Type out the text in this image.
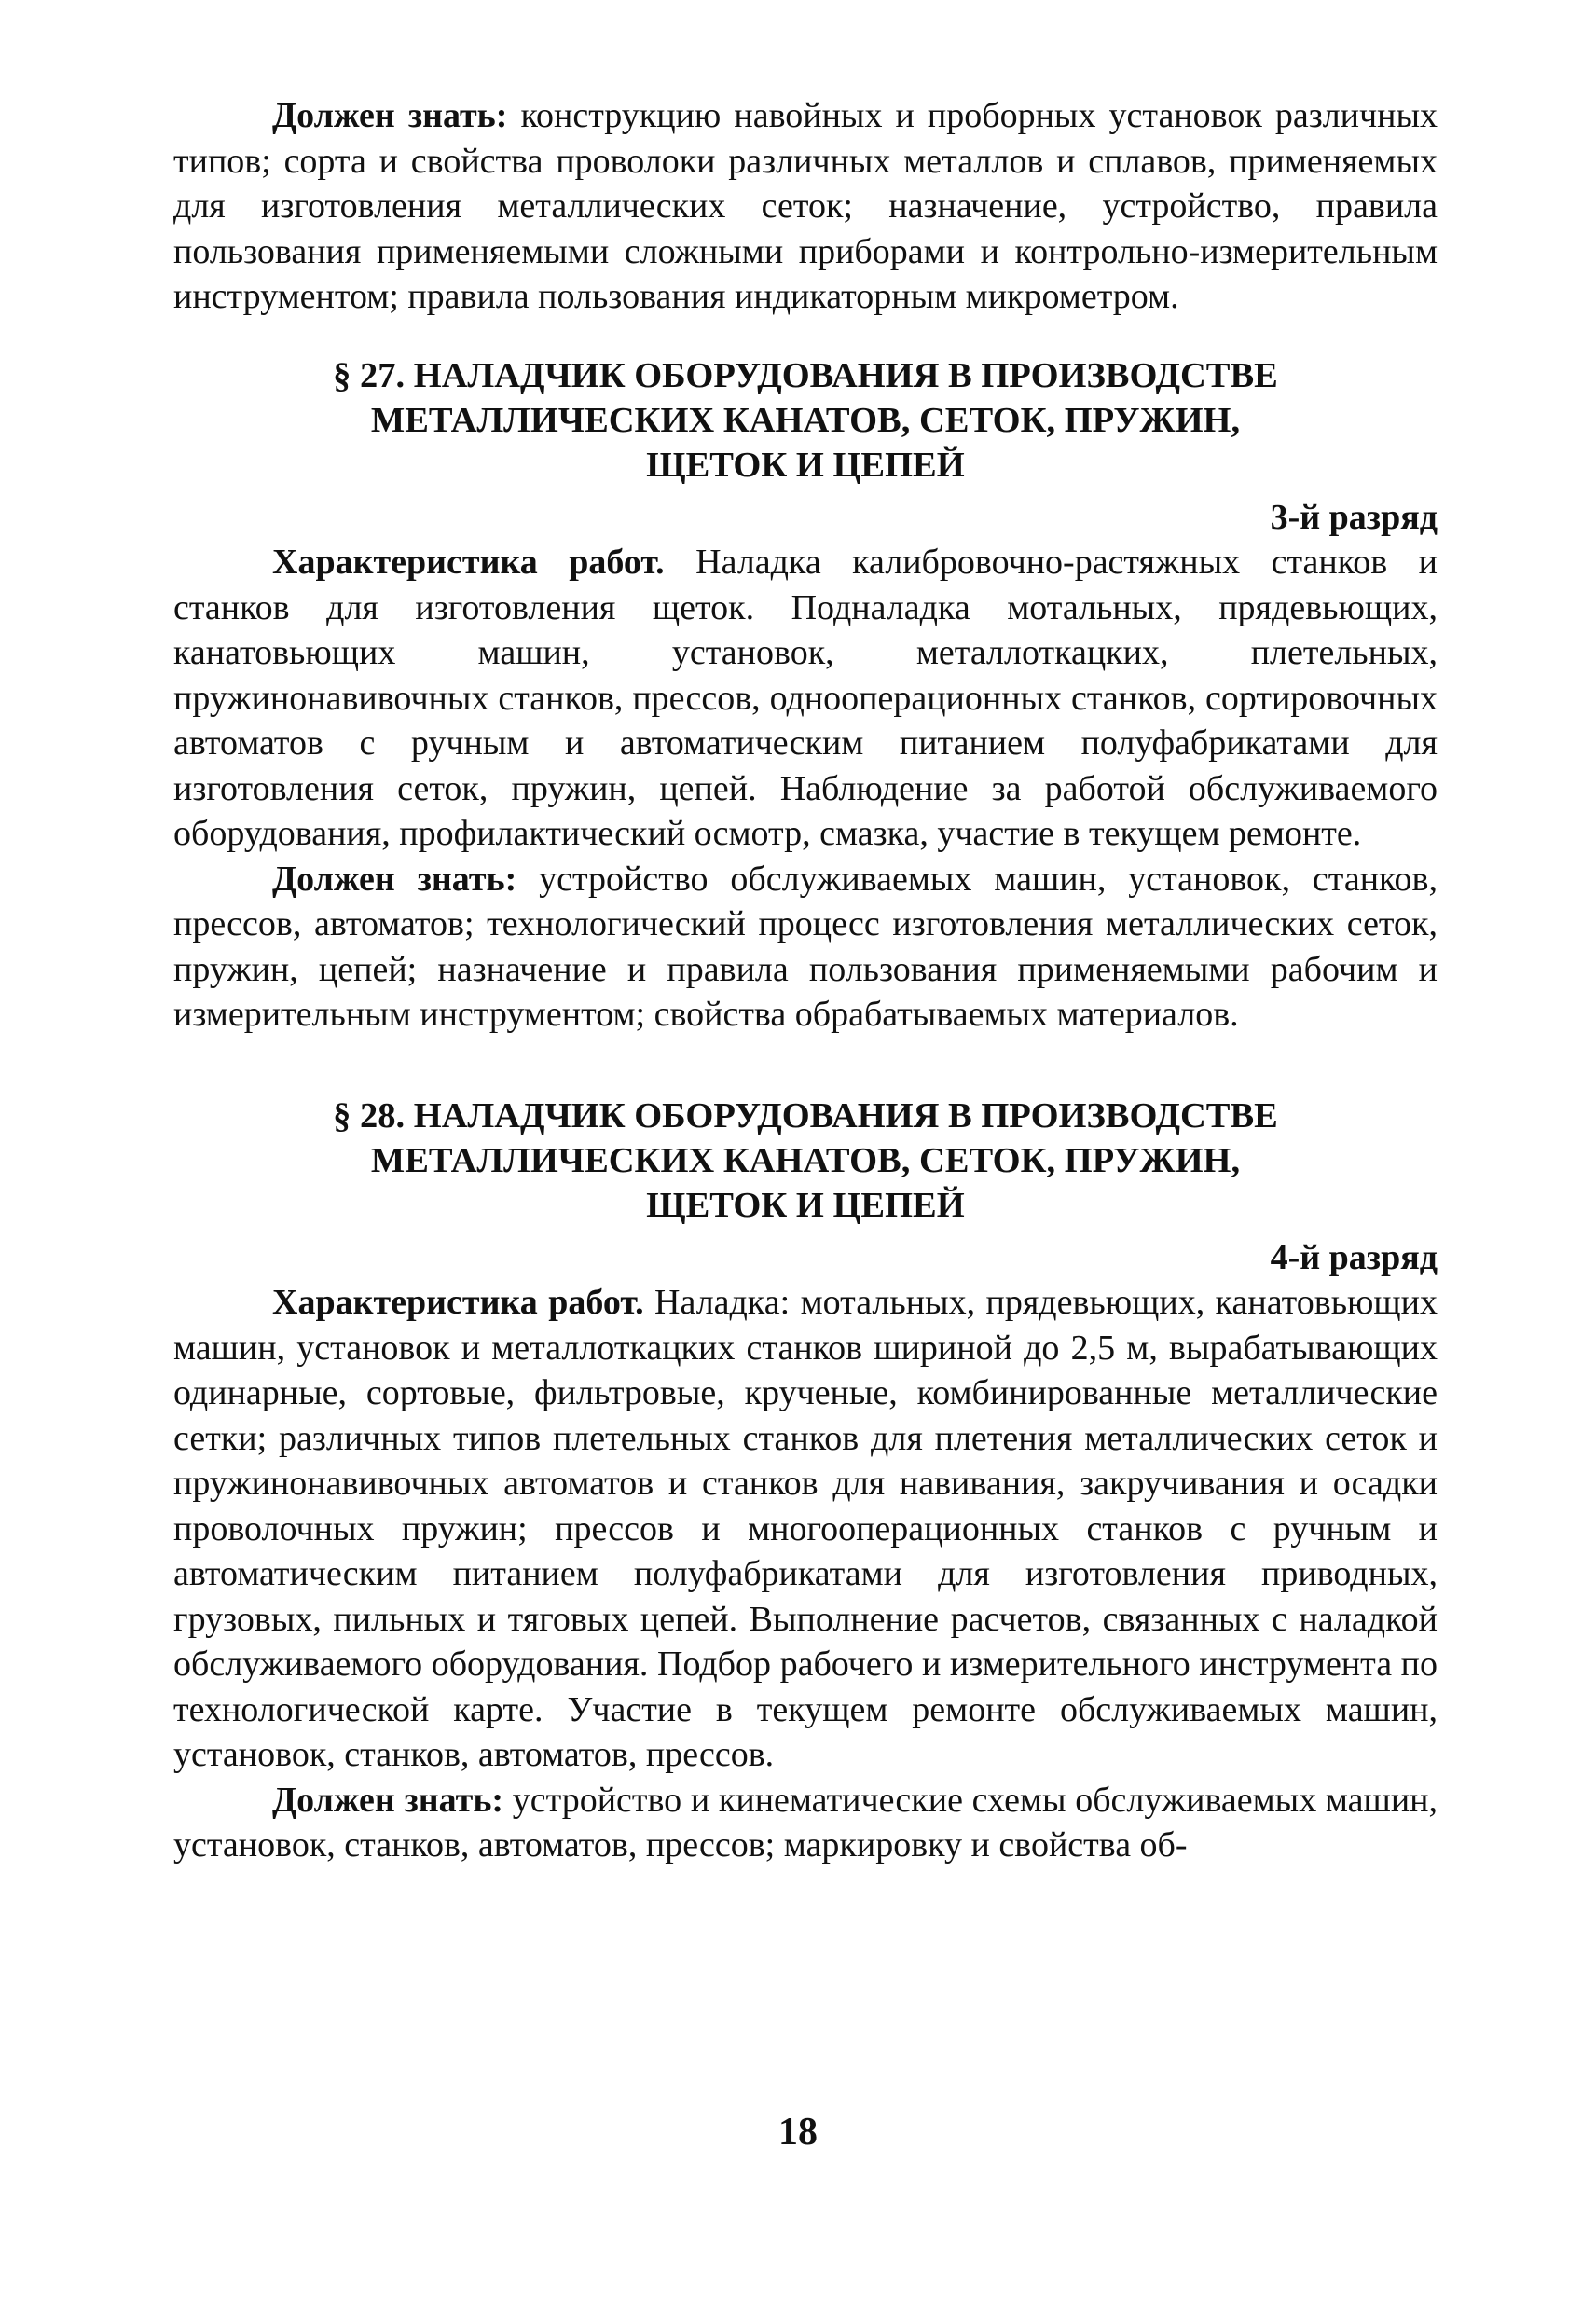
Должен знать: конструкцию навойных и проборных установок различных типов; сорта и свойства проволоки различных металлов и сплавов, применяемых для изготовления металлических сеток; назначение, устройство, правила пользования применяемыми сложными приборами и контрольно-измерительным инструментом; правила пользования индикаторным микрометром.

§ 27. НАЛАДЧИК ОБОРУДОВАНИЯ В ПРОИЗВОДСТВЕ
МЕТАЛЛИЧЕСКИХ КАНАТОВ, СЕТОК, ПРУЖИН,
ЩЕТОК И ЦЕПЕЙ
3-й разряд

Характеристика работ. Наладка калибровочно-растяжных станков и станков для изготовления щеток. Подналадка мотальных, прядевьющих, канатовьющих машин, установок, металлоткацких, плетельных, пружинонавивочных станков, прессов, однооперационных станков, сортировочных автоматов с ручным и автоматическим питанием полуфабрикатами для изготовления сеток, пружин, цепей. Наблюдение за работой обслуживаемого оборудования, профилактический осмотр, смазка, участие в текущем ремонте.

Должен знать: устройство обслуживаемых машин, установок, станков, прессов, автоматов; технологический процесс изготовления металлических сеток, пружин, цепей; назначение и правила пользования применяемыми рабочим и измерительным инструментом; свойства обрабатываемых материалов.

§ 28. НАЛАДЧИК ОБОРУДОВАНИЯ В ПРОИЗВОДСТВЕ
МЕТАЛЛИЧЕСКИХ КАНАТОВ, СЕТОК, ПРУЖИН,
ЩЕТОК И ЦЕПЕЙ
4-й разряд

Характеристика работ. Наладка: мотальных, прядевьющих, канатовьющих машин, установок и металлоткацких станков шириной до 2,5 м, вырабатывающих одинарные, сортовые, фильтровые, крученые, комбинированные металлические сетки; различных типов плетельных станков для плетения металлических сеток и пружинонавивочных автоматов и станков для навивания, закручивания и осадки проволочных пружин; прессов и многооперационных станков с ручным и автоматическим питанием полуфабрикатами для изготовления приводных, грузовых, пильных и тяговых цепей. Выполнение расчетов, связанных с наладкой обслуживаемого оборудования. Подбор рабочего и измерительного инструмента по технологической карте. Участие в текущем ремонте обслуживаемых машин, установок, станков, автоматов, прессов.

Должен знать: устройство и кинематические схемы обслуживаемых машин, установок, станков, автоматов, прессов; маркировку и свойства об-

18
